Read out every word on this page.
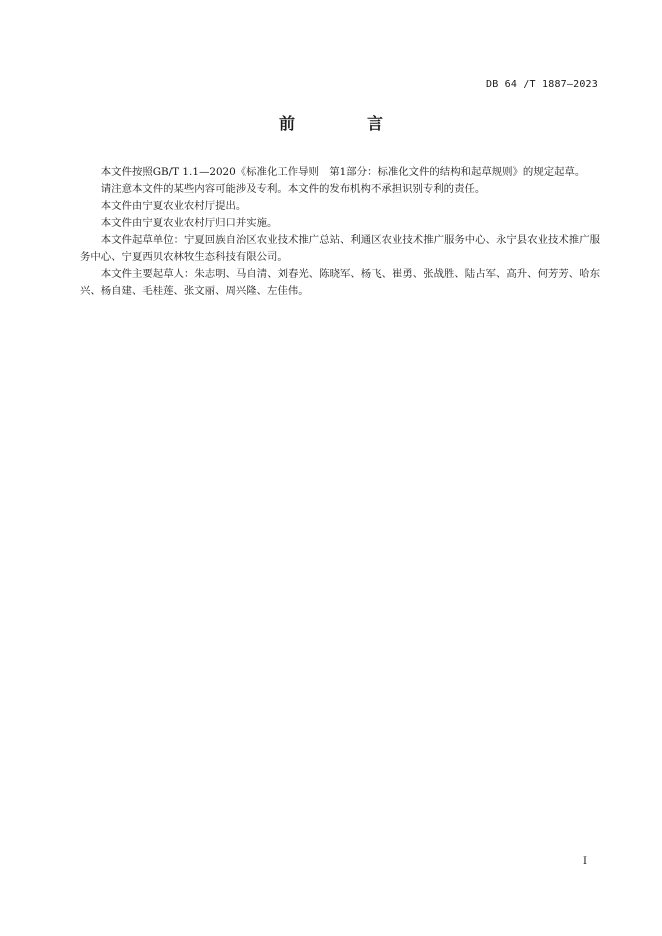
DB 64 /T 1887—2023
前　言

本文件按照GB/T 1.1—2020《标准化工作导则　第1部分：标准化文件的结构和起草规则》的规定起草。

请注意本文件的某些内容可能涉及专利。本文件的发布机构不承担识别专利的责任。

本文件由宁夏农业农村厅提出。

本文件由宁夏农业农村厅归口并实施。

本文件起草单位：宁夏回族自治区农业技术推广总站、利通区农业技术推广服务中心、永宁县农业技术推广服务中心、宁夏西贝农林牧生态科技有限公司。

本文件主要起草人：朱志明、马自清、刘春光、陈晓军、杨飞、崔勇、张战胜、陆占军、高升、何芳芳、哈东兴、杨自建、毛桂莲、张文丽、周兴隆、左佳伟。

I
